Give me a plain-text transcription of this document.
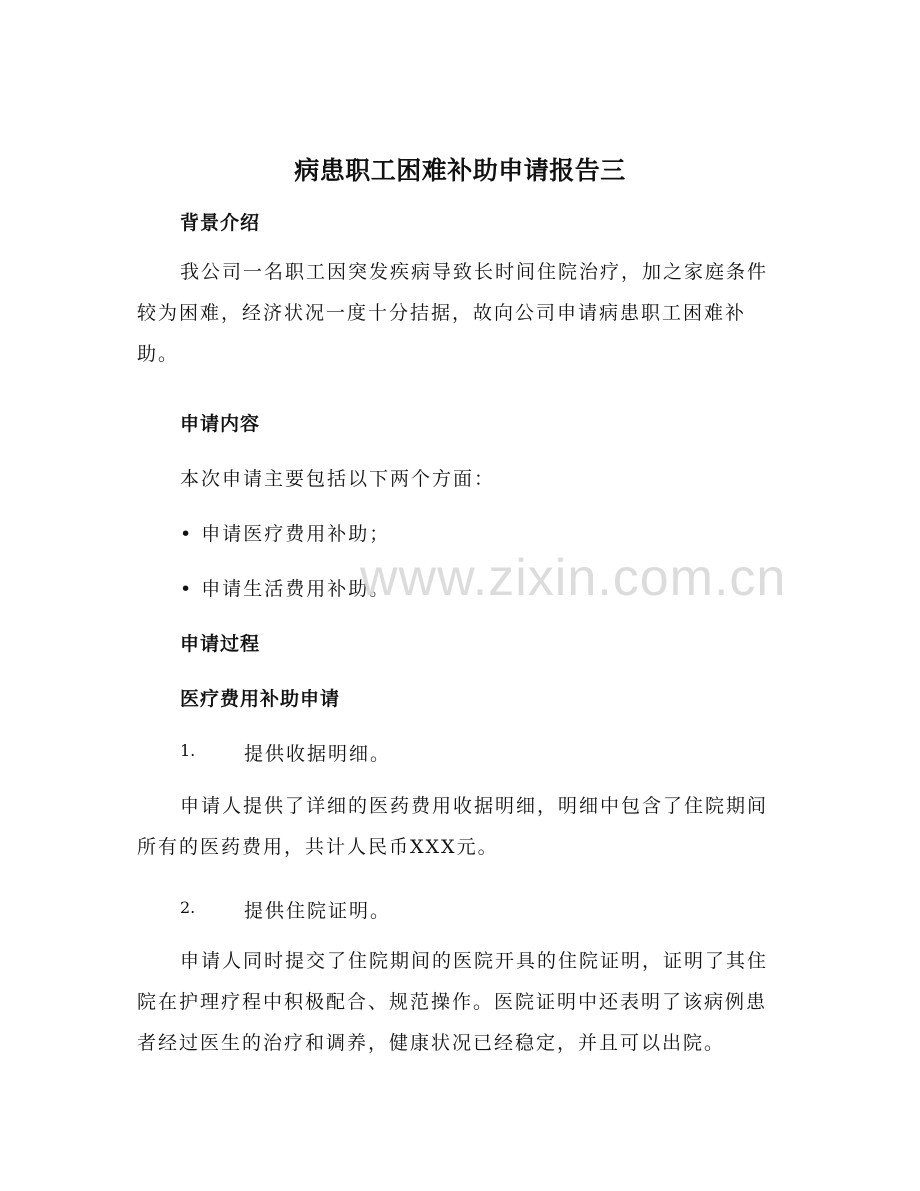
病患职工困难补助申请报告三
背景介绍
我公司一名职工因突发疾病导致长时间住院治疗，加之家庭条件较为困难，经济状况一度十分拮据，故向公司申请病患职工困难补助。
申请内容
本次申请主要包括以下两个方面：
• 申请医疗费用补助；
• 申请生活费用补助。
申请过程
医疗费用补助申请
1.	提供收据明细。
申请人提供了详细的医药费用收据明细，明细中包含了住院期间所有的医药费用，共计人民币XXX元。
2.	提供住院证明。
申请人同时提交了住院期间的医院开具的住院证明，证明了其住院在护理疗程中积极配合、规范操作。医院证明中还表明了该病例患者经过医生的治疗和调养，健康状况已经稳定，并且可以出院。
www.zixin.com.cn
